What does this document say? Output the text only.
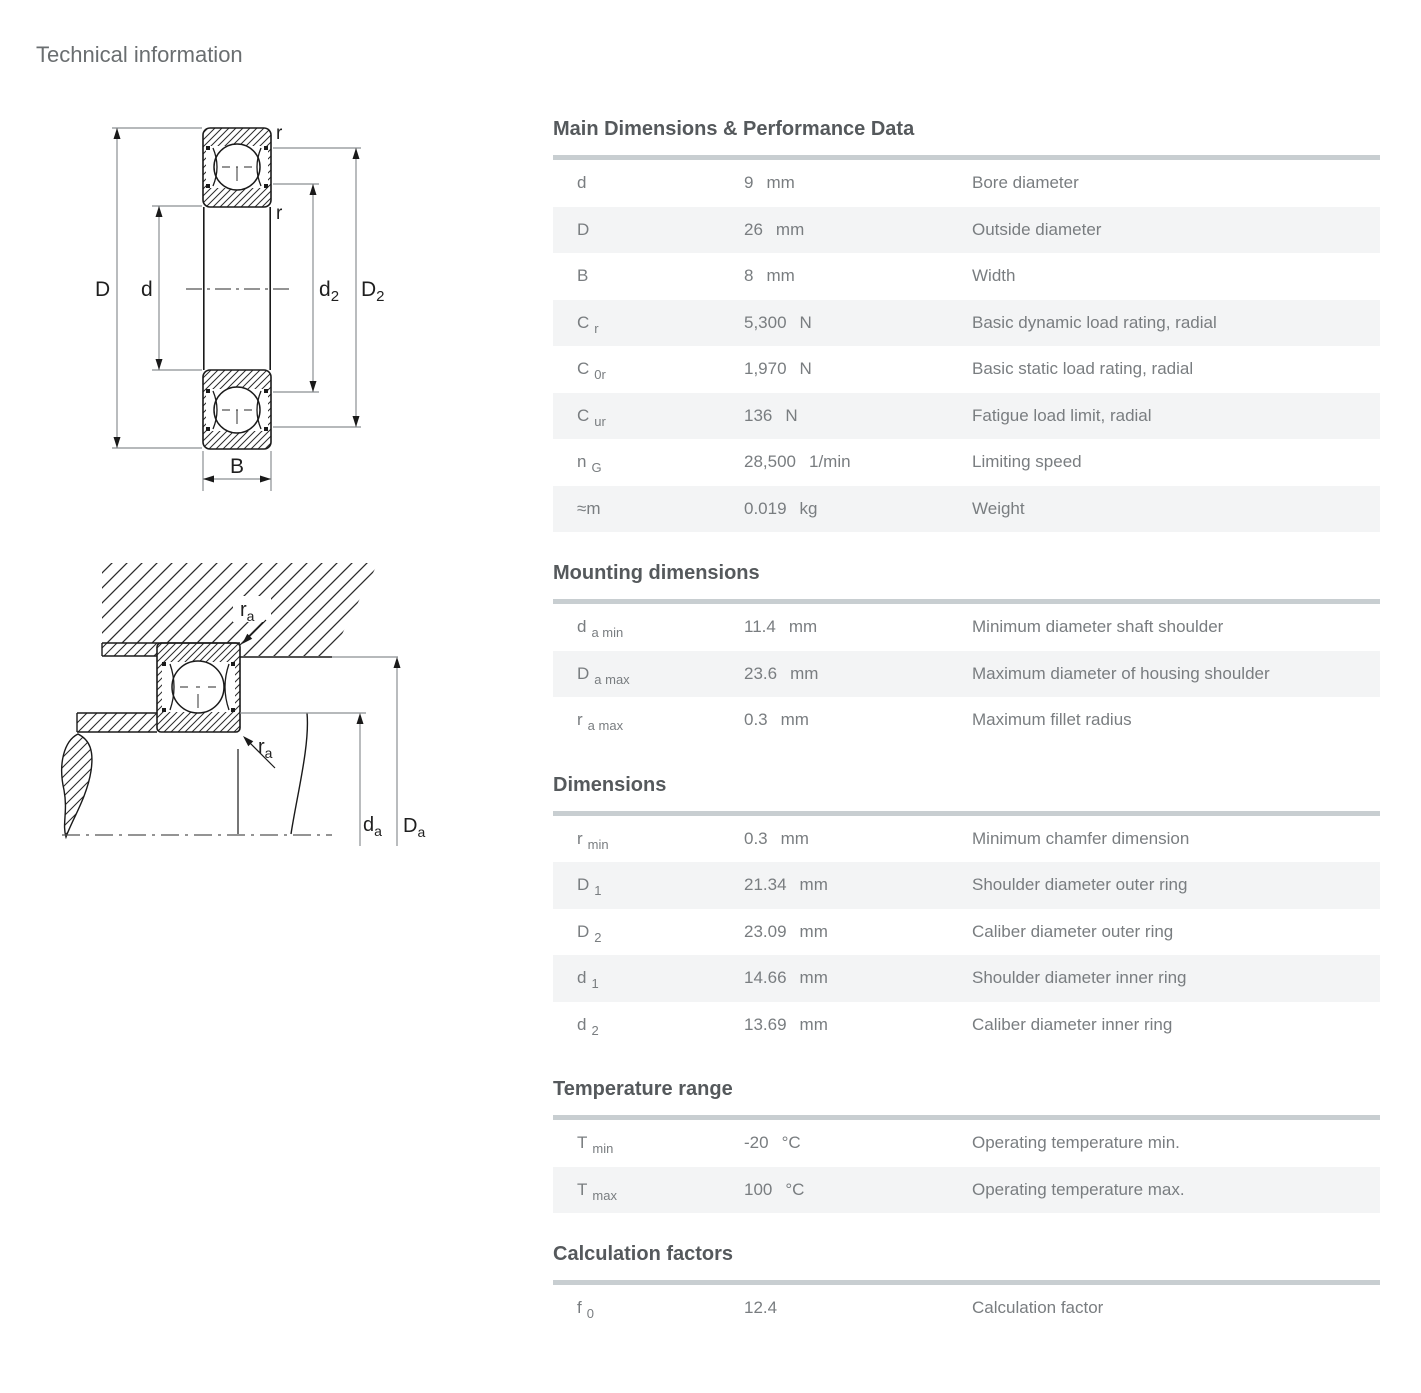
Technical information
D d	$d_2$ $D_2$
B
r
r
$r_a$
$r_a$
$d_a$ $D_a$
Main Dimensions & Performance Data
d	9 mm	Bore diameter
D	26 mm	Outside diameter
B	8 mm	Width
C $_r$	5,300 N	Basic dynamic load rating, radial
C $_{0r}$	1,970 N	Basic static load rating, radial
C $_{ur}$	136 N	Fatigue load limit, radial
n $_G$	28,500 1/min	Limiting speed
≈m	0.019 kg	Weight
Mounting dimensions
d $_{a min}$	11.4 mm	Minimum diameter shaft shoulder
D $_{a max}$	23.6 mm	Maximum diameter of housing shoulder
r $_{a max}$	0.3 mm	Maximum fillet radius
Dimensions
r $_{min}$	0.3 mm	Minimum chamfer dimension
D $_1$	21.34 mm	Shoulder diameter outer ring
D $_2$	23.09 mm	Caliber diameter outer ring
d $_1$	14.66 mm	Shoulder diameter inner ring
d $_2$	13.69 mm	Caliber diameter inner ring
Temperature range
T $_{min}$	-20 °C	Operating temperature min.
T $_{max}$	100 °C	Operating temperature max.
Calculation factors
f $_0$	12.4	Calculation factor
